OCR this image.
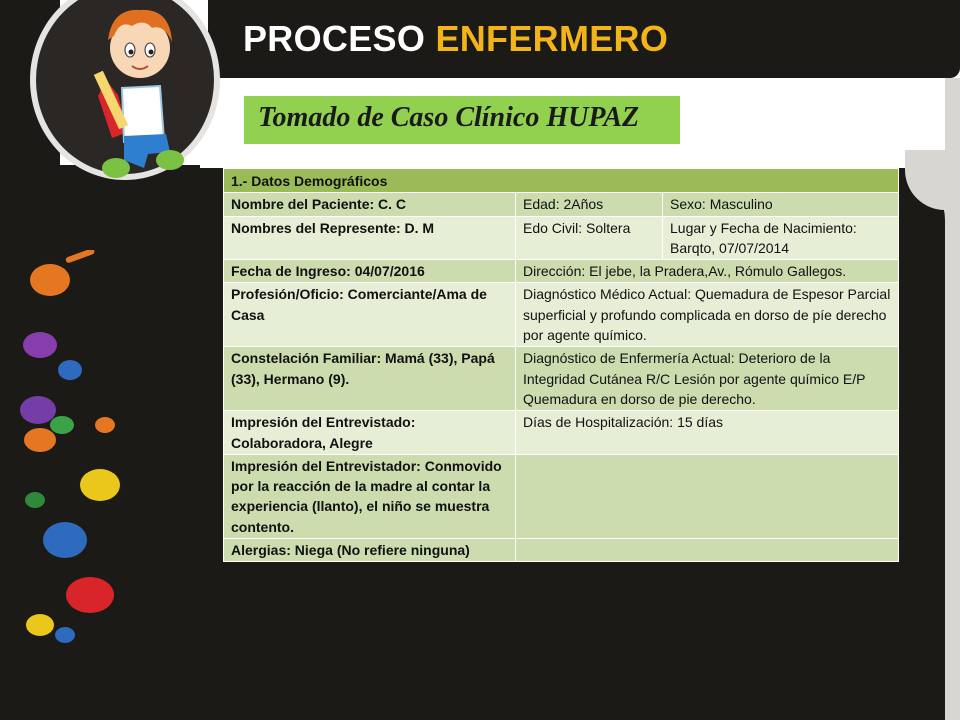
PROCESO ENFERMERO
Tomado de Caso Clínico HUPAZ
1.- Datos Demográficos		
Nombre del Paciente: C. C	Edad: 2Años	Sexo: Masculino
Nombres del Represente: D. M	Edo Civil: Soltera	Lugar y Fecha de Nacimiento: Barqto, 07/07/2014
Fecha de Ingreso: 04/07/2016	Dirección: El jebe, la Pradera,Av., Rómulo Gallegos.	
Profesión/Oficio: Comerciante/Ama de Casa	Diagnóstico Médico Actual: Quemadura de Espesor Parcial superficial y profundo complicada en dorso de píe derecho por agente químico.	
Constelación Familiar: Mamá (33), Papá (33), Hermano (9).	Diagnóstico de Enfermería Actual: Deterioro de la Integridad Cutánea R/C Lesión por agente químico E/P Quemadura en dorso de pie derecho.	
Impresión del Entrevistado: Colaboradora, Alegre	Días de Hospitalización: 15 días	
Impresión del Entrevistador: Conmovido por la reacción de la madre al contar la experiencia (llanto), el niño se muestra contento.		
Alergias: Niega (No refiere ninguna)		
